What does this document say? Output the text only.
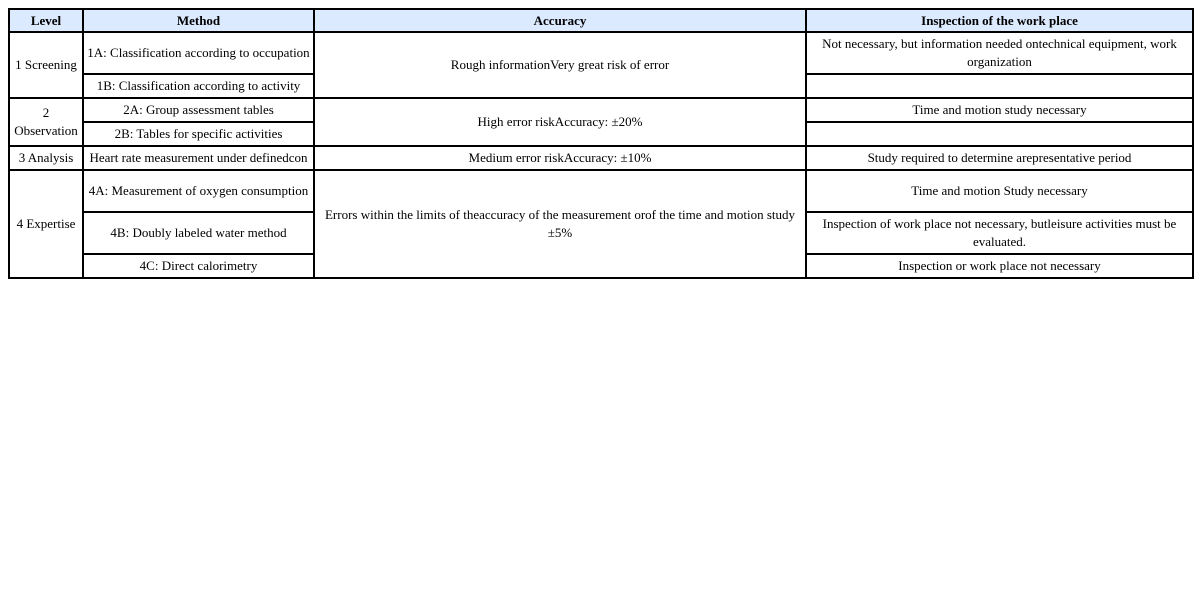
Level	Method	Accuracy	Inspection of the work place
1 Screening	1A: Classification according to occupation	Rough informationVery great risk of error	Not necessary, but information needed ontechnical equipment, work organization
	1B: Classification according to activity		

2
Observation	2A: Group assessment tables	High error riskAccuracy: ±20%	Time and motion study necessary
	2B: Tables for specific activities		
3 Analysis	Heart rate measurement under definedcon	Medium error riskAccuracy: ±10%	Study required to determine arepresentative period
4 Expertise	4A: Measurement of oxygen consumption	Errors within the limits of theaccuracy of the measurement orof the time and motion study ±5%	Time and motion Study necessary
	4B: Doubly labeled water method		Inspection of work place not necessary, butleisure activities must be evaluated.
	4C: Direct calorimetry		Inspection or work place not necessary
